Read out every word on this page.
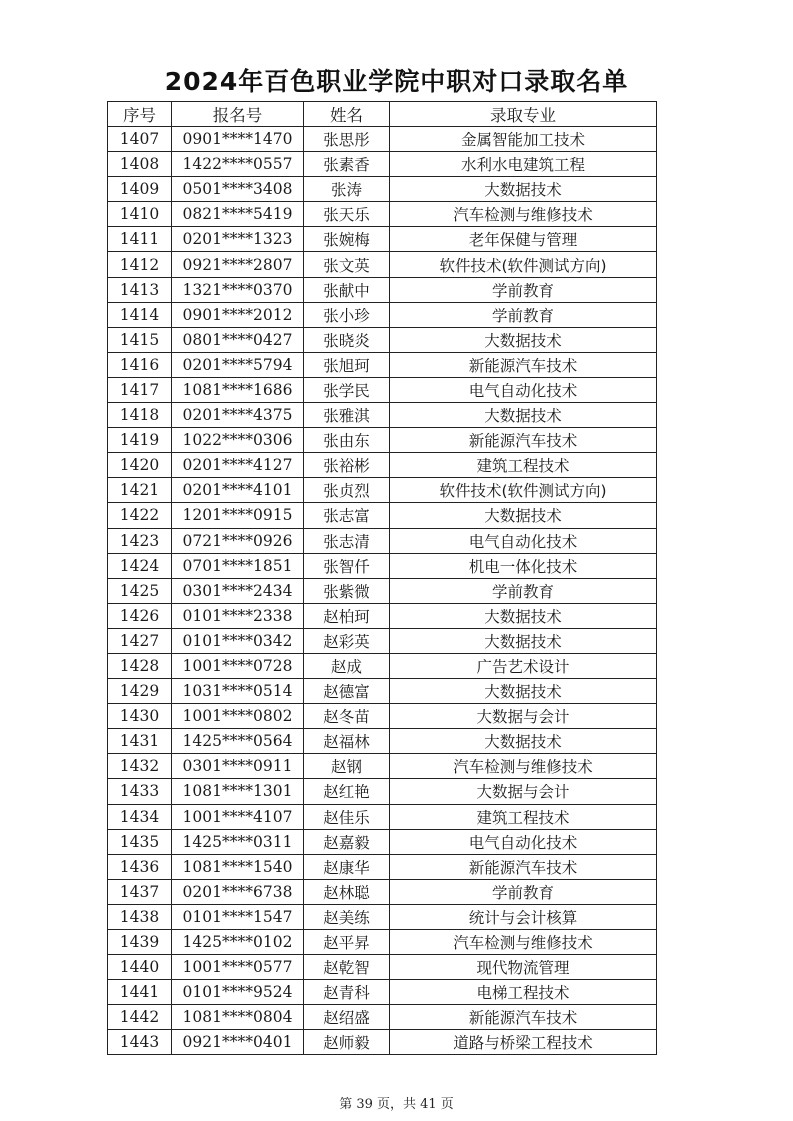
2024年百色职业学院中职对口录取名单
序号	报名号	姓名	录取专业
1407	0901****1470	张思彤	金属智能加工技术
1408	1422****0557	张素香	水利水电建筑工程
1409	0501****3408	张涛	大数据技术
1410	0821****5419	张天乐	汽车检测与维修技术
1411	0201****1323	张婉梅	老年保健与管理
1412	0921****2807	张文英	软件技术(软件测试方向)
1413	1321****0370	张献中	学前教育
1414	0901****2012	张小珍	学前教育
1415	0801****0427	张晓炎	大数据技术
1416	0201****5794	张旭珂	新能源汽车技术
1417	1081****1686	张学民	电气自动化技术
1418	0201****4375	张雅淇	大数据技术
1419	1022****0306	张由东	新能源汽车技术
1420	0201****4127	张裕彬	建筑工程技术
1421	0201****4101	张贞烈	软件技术(软件测试方向)
1422	1201****0915	张志富	大数据技术
1423	0721****0926	张志清	电气自动化技术
1424	0701****1851	张智仟	机电一体化技术
1425	0301****2434	张紫微	学前教育
1426	0101****2338	赵柏珂	大数据技术
1427	0101****0342	赵彩英	大数据技术
1428	1001****0728	赵成	广告艺术设计
1429	1031****0514	赵德富	大数据技术
1430	1001****0802	赵冬苗	大数据与会计
1431	1425****0564	赵福林	大数据技术
1432	0301****0911	赵钢	汽车检测与维修技术
1433	1081****1301	赵红艳	大数据与会计
1434	1001****4107	赵佳乐	建筑工程技术
1435	1425****0311	赵嘉毅	电气自动化技术
1436	1081****1540	赵康华	新能源汽车技术
1437	0201****6738	赵林聪	学前教育
1438	0101****1547	赵美练	统计与会计核算
1439	1425****0102	赵平昇	汽车检测与维修技术
1440	1001****0577	赵乾智	现代物流管理
1441	0101****9524	赵青科	电梯工程技术
1442	1081****0804	赵绍盛	新能源汽车技术
1443	0921****0401	赵师毅	道路与桥梁工程技术
第 39 页，共 41 页
